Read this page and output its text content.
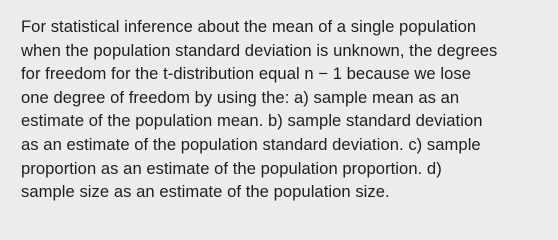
For statistical inference about the mean of a single population
when the population standard deviation is unknown, the degrees
for freedom for the t-distribution equal n − 1 because we lose
one degree of freedom by using the: a) sample mean as an
estimate of the population mean. b) sample standard deviation
as an estimate of the population standard deviation. c) sample
proportion as an estimate of the population proportion. d)
sample size as an estimate of the population size.
